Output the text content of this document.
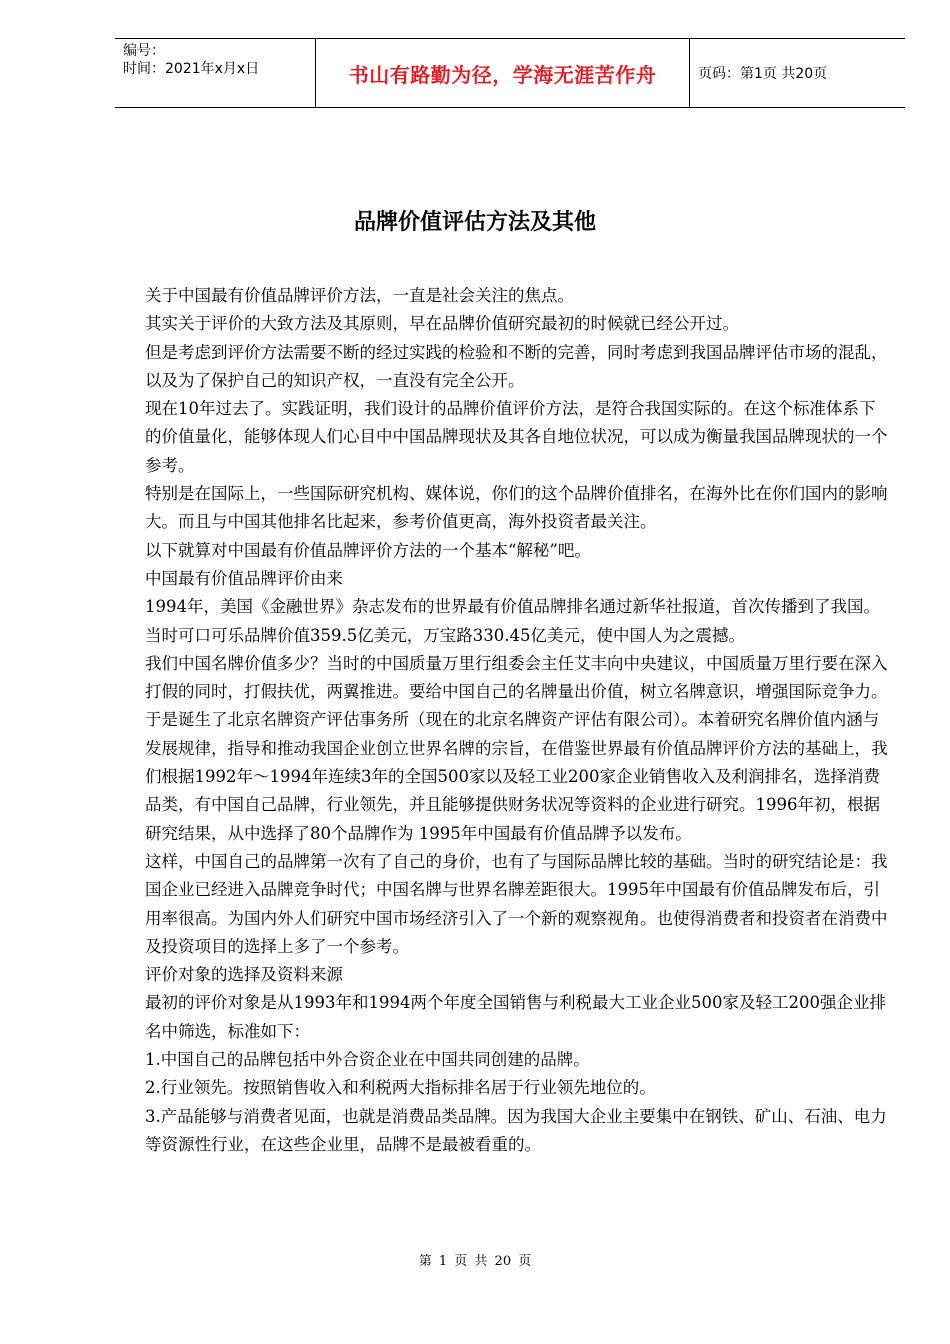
编号：
时间：2021年x月x日	书山有路勤为径，学海无涯苦作舟	页码：第1页 共20页
品牌价值评估方法及其他

关于中国最有价值品牌评价方法，一直是社会关注的焦点。

其实关于评价的大致方法及其原则，早在品牌价值研究最初的时候就已经公开过。

但是考虑到评价方法需要不断的经过实践的检验和不断的完善，同时考虑到我国品牌评估市场的混乱，以及为了保护自己的知识产权，一直没有完全公开。

现在10年过去了。实践证明，我们设计的品牌价值评价方法，是符合我国实际的。在这个标准体系下的价值量化，能够体现人们心目中中国品牌现状及其各自地位状况，可以成为衡量我国品牌现状的一个参考。

特别是在国际上，一些国际研究机构、媒体说，你们的这个品牌价值排名，在海外比在你们国内的影响大。而且与中国其他排名比起来，参考价值更高，海外投资者最关注。

以下就算对中国最有价值品牌评价方法的一个基本“解秘”吧。

中国最有价值品牌评价由来

1994年，美国《金融世界》杂志发布的世界最有价值品牌排名通过新华社报道，首次传播到了我国。当时可口可乐品牌价值359.5亿美元，万宝路330.45亿美元，使中国人为之震撼。

我们中国名牌价值多少？当时的中国质量万里行组委会主任艾丰向中央建议，中国质量万里行要在深入打假的同时，打假扶优，两翼推进。要给中国自己的名牌量出价值，树立名牌意识，增强国际竞争力。于是诞生了北京名牌资产评估事务所（现在的北京名牌资产评估有限公司）。本着研究名牌价值内涵与发展规律，指导和推动我国企业创立世界名牌的宗旨，在借鉴世界最有价值品牌评价方法的基础上，我们根据1992年～1994年连续3年的全国500家以及轻工业200家企业销售收入及利润排名，选择消费品类，有中国自己品牌，行业领先，并且能够提供财务状况等资料的企业进行研究。1996年初，根据研究结果，从中选择了80个品牌作为 1995年中国最有价值品牌予以发布。

这样，中国自己的品牌第一次有了自己的身价，也有了与国际品牌比较的基础。当时的研究结论是：我国企业已经进入品牌竞争时代；中国名牌与世界名牌差距很大。1995年中国最有价值品牌发布后，引用率很高。为国内外人们研究中国市场经济引入了一个新的观察视角。也使得消费者和投资者在消费中及投资项目的选择上多了一个参考。

评价对象的选择及资料来源

最初的评价对象是从1993年和1994两个年度全国销售与利税最大工业企业500家及轻工200强企业排名中筛选，标准如下：

1.中国自己的品牌包括中外合资企业在中国共同创建的品牌。

2.行业领先。按照销售收入和利税两大指标排名居于行业领先地位的。

3.产品能够与消费者见面，也就是消费品类品牌。因为我国大企业主要集中在钢铁、矿山、石油、电力等资源性行业，在这些企业里，品牌不是最被看重的。

第 1 页 共 20 页
